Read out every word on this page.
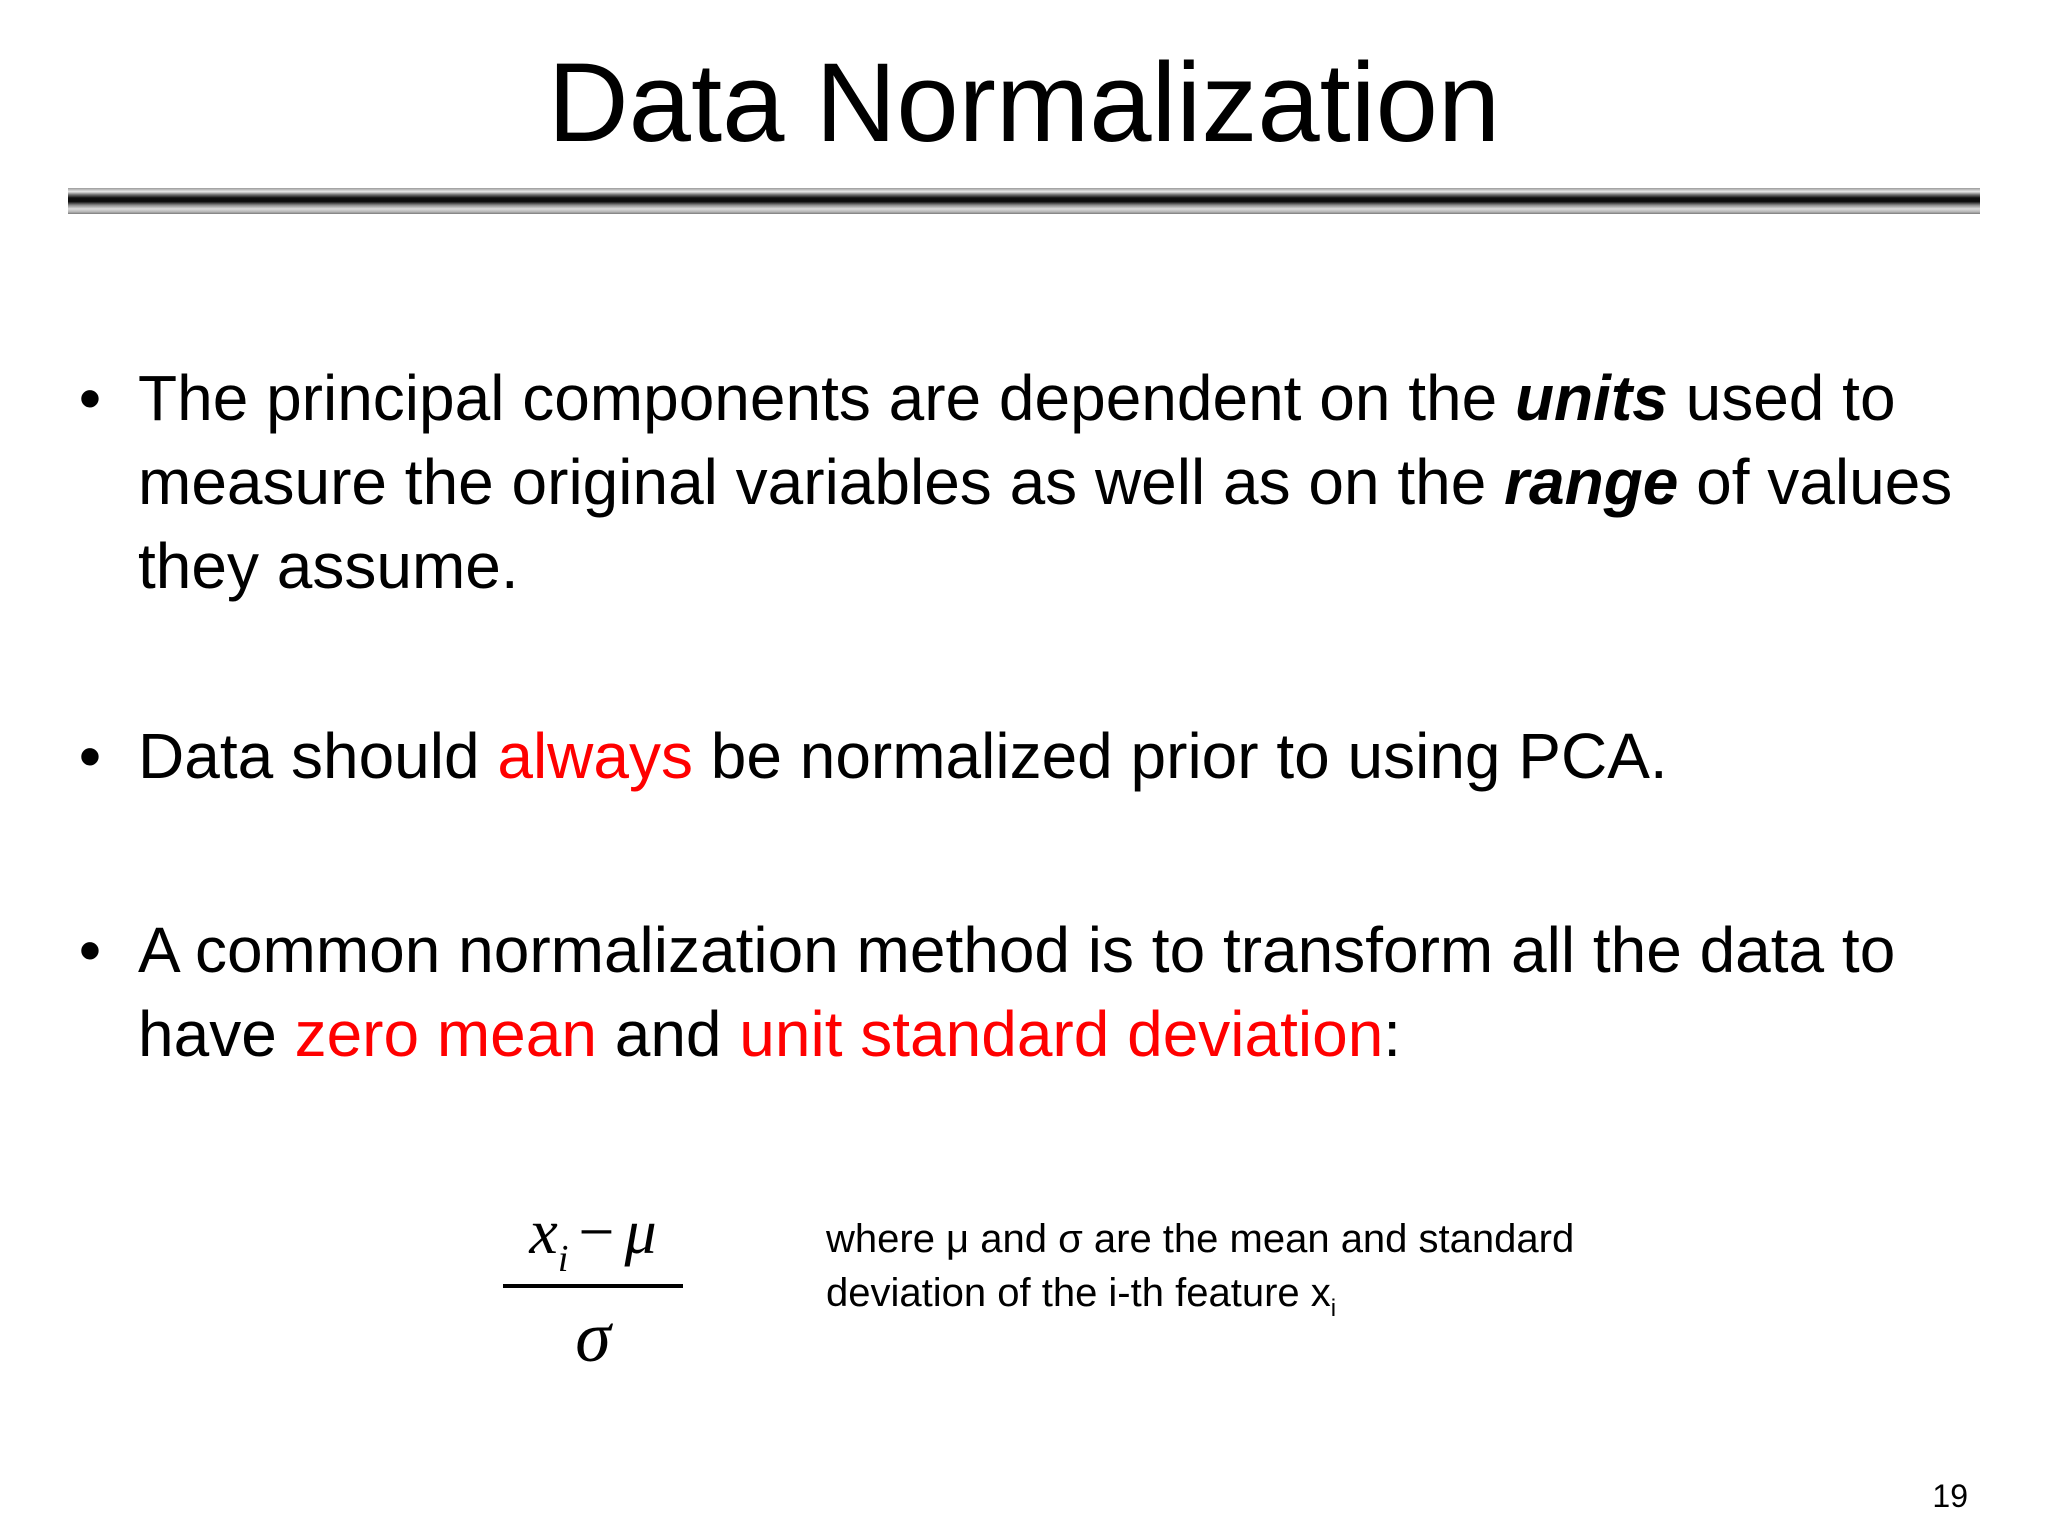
Data Normalization
• The principal components are dependent on the units used to measure the original variables as well as on the range of values they assume.
• Data should always be normalized prior to using PCA.
• A common normalization method is to transform all the data to have zero mean and unit standard deviation:
$x_i - \mu$
σ
where μ and σ are the mean and standard deviation of the i-th feature $x_i$
19
